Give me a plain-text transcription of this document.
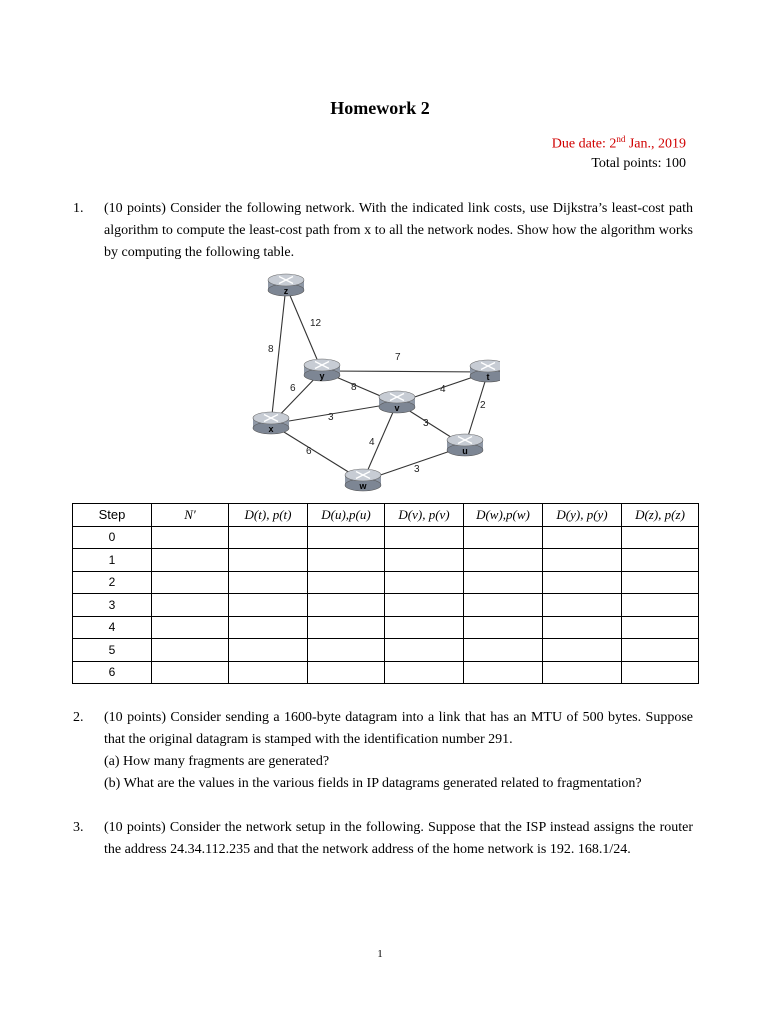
Homework 2
Due date: 2nd Jan., 2019
Total points: 100
1. (10 points) Consider the following network. With the indicated link costs, use Dijkstra’s least-cost path algorithm to compute the least-cost path from x to all the network nodes. Show how the algorithm works by computing the following table.
12
8
7
8
6
3
6
4
3
4
2
3
z
y	t
v
x
u
w
Step	N′	D(t), p(t)	D(u),p(u)	D(v), p(v)	D(w),p(w)	D(y), p(y)	D(z), p(z)
0							
1							
2							
3							
4							
5							
6							
2. (10 points) Consider sending a 1600-byte datagram into a link that has an MTU of 500 bytes. Suppose that the original datagram is stamped with the identification number 291.
(a) How many fragments are generated?
(b) What are the values in the various fields in IP datagrams generated related to fragmentation?
3. (10 points) Consider the network setup in the following. Suppose that the ISP instead assigns the router the address 24.34.112.235 and that the network address of the home network is 192. 168.1/24.
1
